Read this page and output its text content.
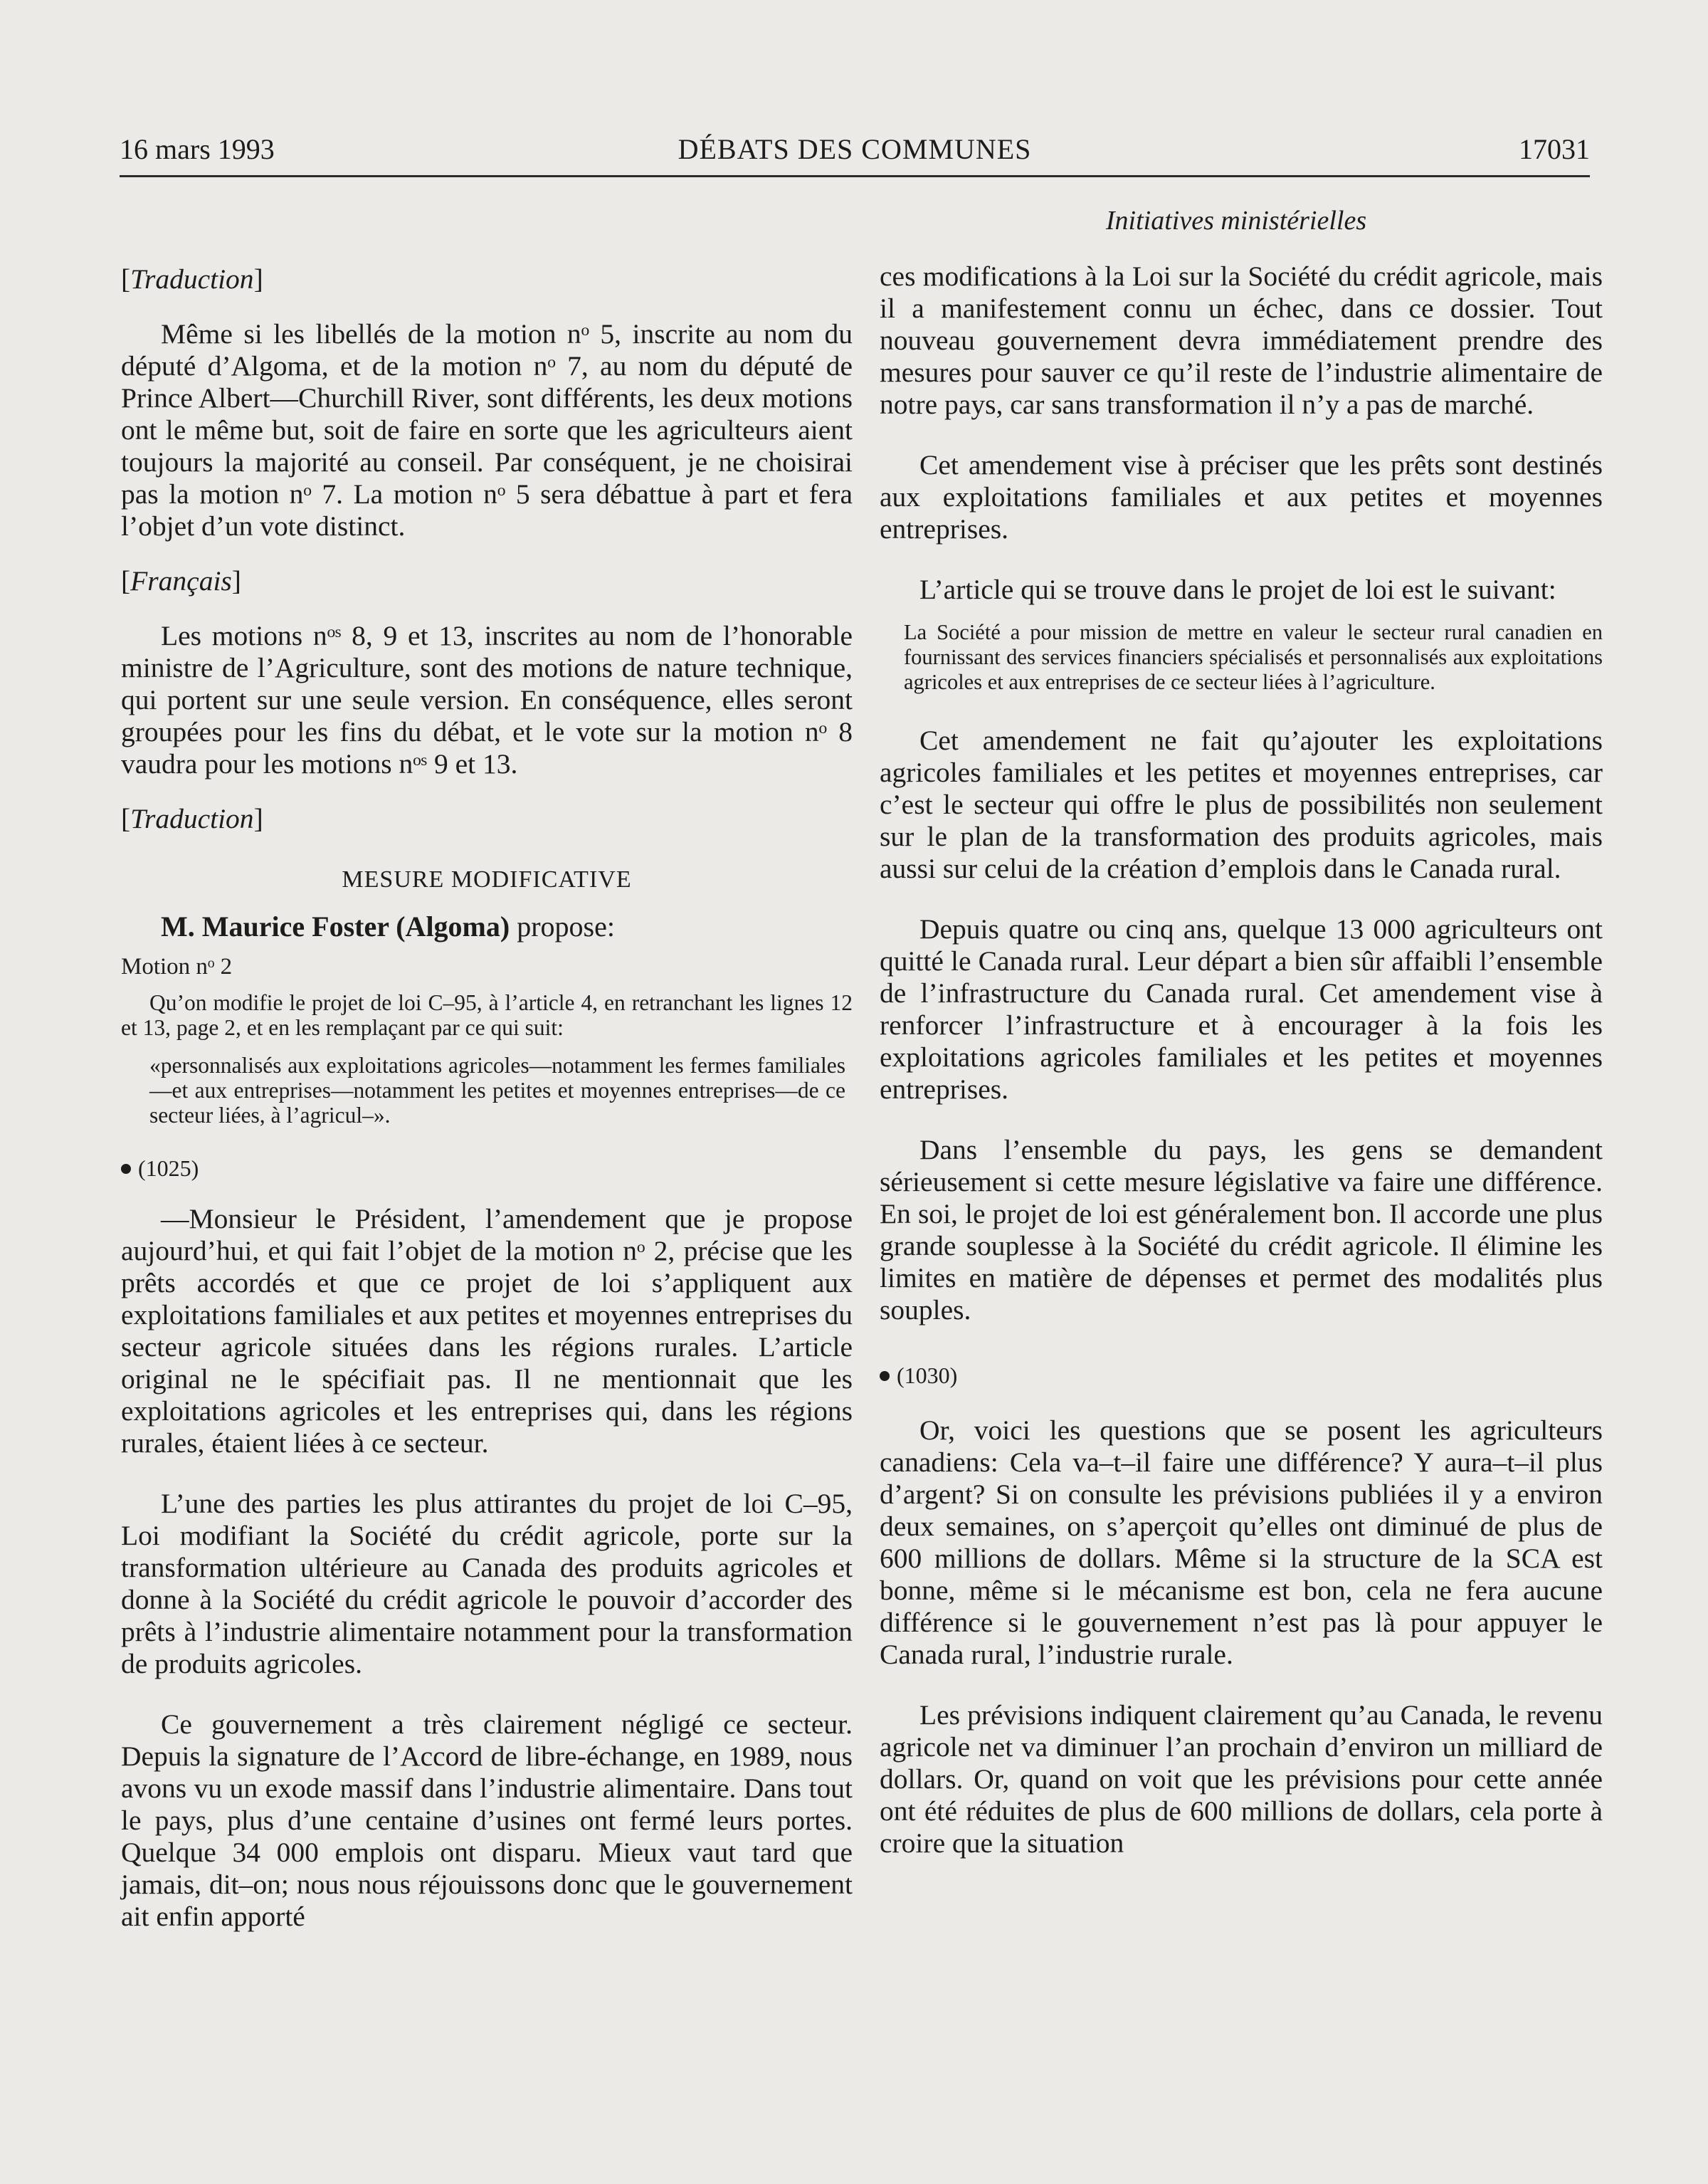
16 mars 1993	DÉBATS DES COMMUNES	17031
Initiatives ministérielles

[Traduction]

Même si les libellés de la motion nᵒ 5, inscrite au nom du député d’Algoma, et de la motion nᵒ 7, au nom du député de Prince Albert—Churchill River, sont différents, les deux motions ont le même but, soit de faire en sorte que les agriculteurs aient toujours la majorité au conseil. Par conséquent, je ne choisirai pas la motion nᵒ 7. La motion nᵒ 5 sera débattue à part et fera l’objet d’un vote distinct.

[Français]

Les motions nᵒˢ 8, 9 et 13, inscrites au nom de l’honorable ministre de l’Agriculture, sont des motions de nature technique, qui portent sur une seule version. En conséquence, elles seront groupées pour les fins du débat, et le vote sur la motion nᵒ 8 vaudra pour les motions nᵒˢ 9 et 13.

[Traduction]

MESURE MODIFICATIVE

M. Maurice Foster (Algoma) propose:

Motion nᵒ 2

Qu’on modifie le projet de loi C–95, à l’article 4, en retranchant les lignes 12 et 13, page 2, et en les remplaçant par ce qui suit:

«personnalisés aux exploitations agricoles—notamment les fermes familiales—et aux entreprises—notamment les petites et moyennes entreprises—de ce secteur liées, à l’agricul–».

(1025)

—Monsieur le Président, l’amendement que je propose aujourd’hui, et qui fait l’objet de la motion nᵒ 2, précise que les prêts accordés et que ce projet de loi s’appliquent aux exploitations familiales et aux petites et moyennes entreprises du secteur agricole situées dans les régions rurales. L’article original ne le spécifiait pas. Il ne mentionnait que les exploitations agricoles et les entreprises qui, dans les régions rurales, étaient liées à ce secteur.

L’une des parties les plus attirantes du projet de loi C–95, Loi modifiant la Société du crédit agricole, porte sur la transformation ultérieure au Canada des produits agricoles et donne à la Société du crédit agricole le pouvoir d’accorder des prêts à l’industrie alimentaire notamment pour la transformation de produits agricoles.

Ce gouvernement a très clairement négligé ce secteur. Depuis la signature de l’Accord de libre-échange, en 1989, nous avons vu un exode massif dans l’industrie alimentaire. Dans tout le pays, plus d’une centaine d’usines ont fermé leurs portes. Quelque 34 000 emplois ont disparu. Mieux vaut tard que jamais, dit–on; nous nous réjouissons donc que le gouvernement ait enfin apporté

ces modifications à la Loi sur la Société du crédit agricole, mais il a manifestement connu un échec, dans ce dossier. Tout nouveau gouvernement devra immédiatement prendre des mesures pour sauver ce qu’il reste de l’industrie alimentaire de notre pays, car sans transformation il n’y a pas de marché.

Cet amendement vise à préciser que les prêts sont destinés aux exploitations familiales et aux petites et moyennes entreprises.

L’article qui se trouve dans le projet de loi est le suivant:

La Société a pour mission de mettre en valeur le secteur rural canadien en fournissant des services financiers spécialisés et personnalisés aux exploitations agricoles et aux entreprises de ce secteur liées à l’agriculture.

Cet amendement ne fait qu’ajouter les exploitations agricoles familiales et les petites et moyennes entreprises, car c’est le secteur qui offre le plus de possibilités non seulement sur le plan de la transformation des produits agricoles, mais aussi sur celui de la création d’emplois dans le Canada rural.

Depuis quatre ou cinq ans, quelque 13 000 agriculteurs ont quitté le Canada rural. Leur départ a bien sûr affaibli l’ensemble de l’infrastructure du Canada rural. Cet amendement vise à renforcer l’infrastructure et à encourager à la fois les exploitations agricoles familiales et les petites et moyennes entreprises.

Dans l’ensemble du pays, les gens se demandent sérieusement si cette mesure législative va faire une différence. En soi, le projet de loi est généralement bon. Il accorde une plus grande souplesse à la Société du crédit agricole. Il élimine les limites en matière de dépenses et permet des modalités plus souples.

(1030)

Or, voici les questions que se posent les agriculteurs canadiens: Cela va–t–il faire une différence? Y aura–t–il plus d’argent? Si on consulte les prévisions publiées il y a environ deux semaines, on s’aperçoit qu’elles ont diminué de plus de 600 millions de dollars. Même si la structure de la SCA est bonne, même si le mécanisme est bon, cela ne fera aucune différence si le gouvernement n’est pas là pour appuyer le Canada rural, l’industrie rurale.

Les prévisions indiquent clairement qu’au Canada, le revenu agricole net va diminuer l’an prochain d’environ un milliard de dollars. Or, quand on voit que les prévisions pour cette année ont été réduites de plus de 600 millions de dollars, cela porte à croire que la situation
